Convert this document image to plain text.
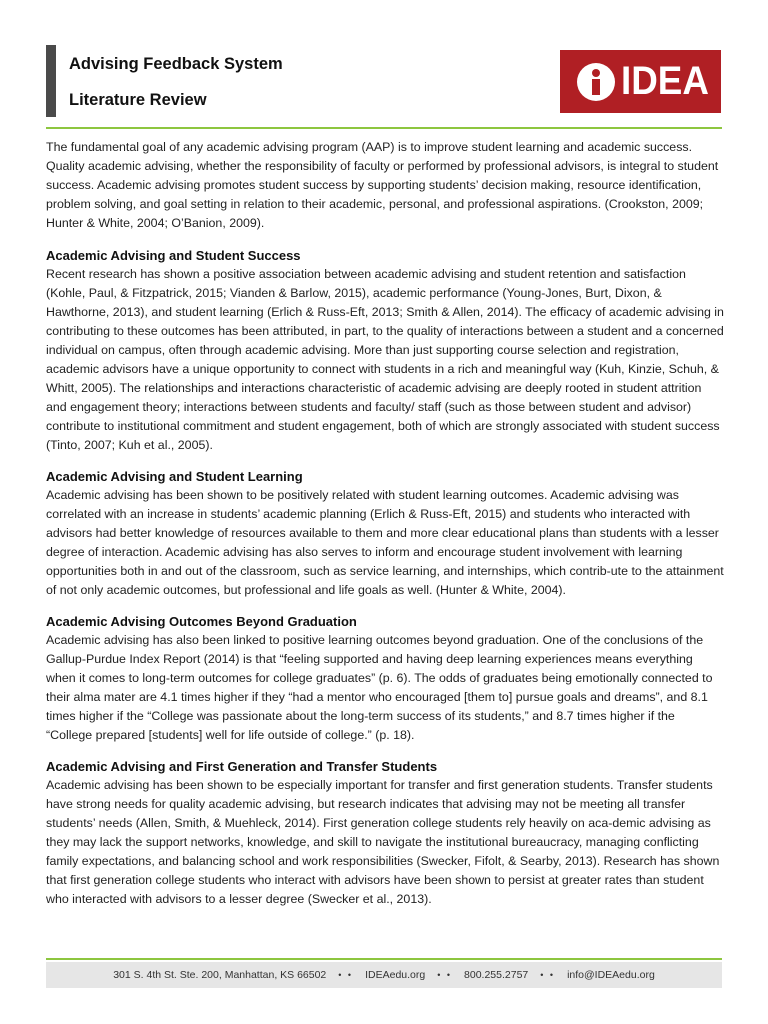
Advising Feedback System
Literature Review	IDEA

The fundamental goal of any academic advising program (AAP) is to improve student learning and academic success. Quality academic advising, whether the responsibility of faculty or performed by professional advisors, is integral to student success. Academic advising promotes student success by supporting students’ decision making, resource identification, problem solving, and goal setting in relation to their academic, personal, and professional aspirations. (Crookston, 2009; Hunter & White, 2004; O’Banion, 2009).

Academic Advising and Student Success

Recent research has shown a positive association between academic advising and student retention and satisfaction (Kohle, Paul, & Fitzpatrick, 2015; Vianden & Barlow, 2015), academic performance (Young-Jones, Burt, Dixon, & Hawthorne, 2013), and student learning (Erlich & Russ-Eft, 2013; Smith & Allen, 2014). The efficacy of academic advising in contributing to these outcomes has been attributed, in part, to the quality of interactions between a student and a concerned individual on campus, often through academic advising. More than just supporting course selection and registration, academic advisors have a unique opportunity to connect with students in a rich and meaningful way (Kuh, Kinzie, Schuh, & Whitt, 2005). The relationships and interactions characteristic of academic advising are deeply rooted in student attrition and engagement theory; interactions between students and faculty/ staff (such as those between student and advisor) contribute to institutional commitment and student engagement, both of which are strongly associated with student success (Tinto, 2007; Kuh et al., 2005).

Academic Advising and Student Learning

Academic advising has been shown to be positively related with student learning outcomes. Academic advising was correlated with an increase in students’ academic planning (Erlich & Russ-Eft, 2015) and students who interacted with advisors had better knowledge of resources available to them and more clear educational plans than students with a lesser degree of interaction. Academic advising has also serves to inform and encourage student involvement with learning opportunities both in and out of the classroom, such as service learning, and internships, which contrib-ute to the attainment of not only academic outcomes, but professional and life goals as well. (Hunter & White, 2004).

Academic Advising Outcomes Beyond Graduation

Academic advising has also been linked to positive learning outcomes beyond graduation. One of the conclusions of the Gallup-Purdue Index Report (2014) is that “feeling supported and having deep learning experiences means everything when it comes to long-term outcomes for college graduates” (p. 6). The odds of graduates being emotionally connected to their alma mater are 4.1 times higher if they “had a mentor who encouraged [them to] pursue goals and dreams”, and 8.1 times higher if the “College was passionate about the long-term success of its students,” and 8.7 times higher if the “College prepared [students] well for life outside of college.” (p. 18).

Academic Advising and First Generation and Transfer Students

Academic advising has been shown to be especially important for transfer and first generation students. Transfer students have strong needs for quality academic advising, but research indicates that advising may not be meeting all transfer students’ needs (Allen, Smith, & Muehleck, 2014). First generation college students rely heavily on aca-demic advising as they may lack the support networks, knowledge, and skill to navigate the institutional bureaucracy, managing conflicting family expectations, and balancing school and work responsibilities (Swecker, Fifolt, & Searby, 2013). Research has shown that first generation college students who interact with advisors have been shown to persist at greater rates than student who interacted with advisors to a lesser degree (Swecker et al., 2013).

301 S. 4th St. Ste. 200, Manhattan, KS 66502 • • IDEAedu.org • • 800.255.2757 • • info@IDEAedu.org
